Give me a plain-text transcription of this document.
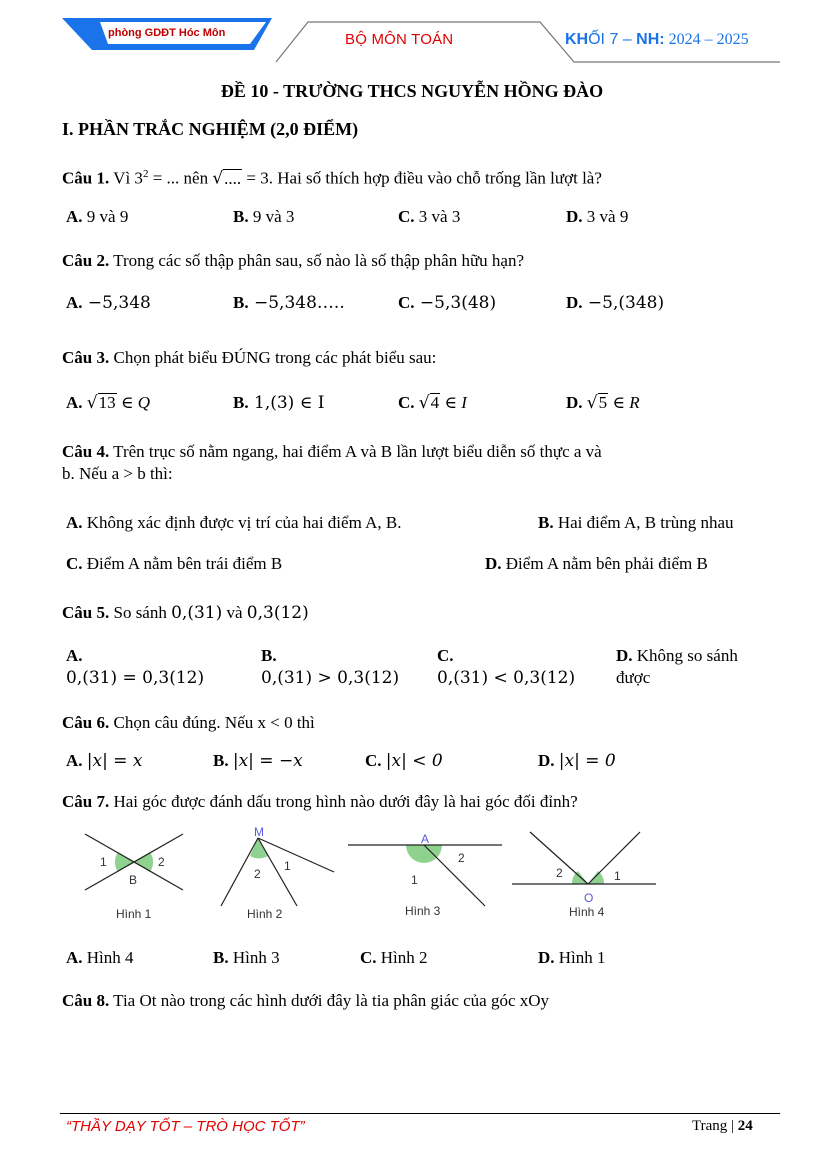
phòng GDĐT Hóc Môn	BỘ MÔN TOÁN	KHỐI 7 – NH: 2024 – 2025
ĐỀ 10 - TRƯỜNG THCS NGUYỄN HỒNG ĐÀO
I. PHẦN TRẮC NGHIỆM (2,0 ĐIỂM)
Câu 1. Vì $3^2$ = ... nên √.... = 3. Hai số thích hợp điều vào chỗ trống lần lượt là?
A. 9 và 9	B. 9 và 3	C. 3 và 3	D. 3 và 9
Câu 2. Trong các số thập phân sau, số nào là số thập phân hữu hạn?
A. −5,348	B. −5,348…..	C. −5,3(48)	D. −5,(348)
Câu 3. Chọn phát biểu ĐÚNG trong các phát biểu sau:
A. √13 ∈ Q	B. 1,(3) ∈ I	C. √4 ∈ I	D. √5 ∈ R
Câu 4. Trên trục số nằm ngang, hai điểm A và B lần lượt biểu diễn số thực a và
b. Nếu a > b thì:
A. Không xác định được vị trí của hai điểm A, B.	B. Hai điểm A, B trùng nhau
C. Điểm A nằm bên trái điểm B	D. Điểm A nằm bên phải điểm B
Câu 5. So sánh 0,(31) và 0,3(12)
A.
0,(31) = 0,3(12)
B.
0,(31) > 0,3(12)
C.
0,(31) < 0,3(12)
D. Không so sánh
được
Câu 6. Chọn câu đúng. Nếu x < 0 thì
A. |x| = x	B. |x| = −x	C. |x| < 0	D. |x| = 0
Câu 7. Hai góc được đánh dấu trong hình nào dưới đây là hai góc đối đỉnh?
1	2
B
Hình 1
M
1
2
Hình 2
A
2
1
Hình 3
2	1
O
Hình 4
A. Hình 4	B. Hình 3	C. Hình 2	D. Hình 1
Câu 8. Tia Ot nào trong các hình dưới đây là tia phân giác của góc xOy
“THẦY DẠY TỐT – TRÒ HỌC TỐT”	Trang | 24
